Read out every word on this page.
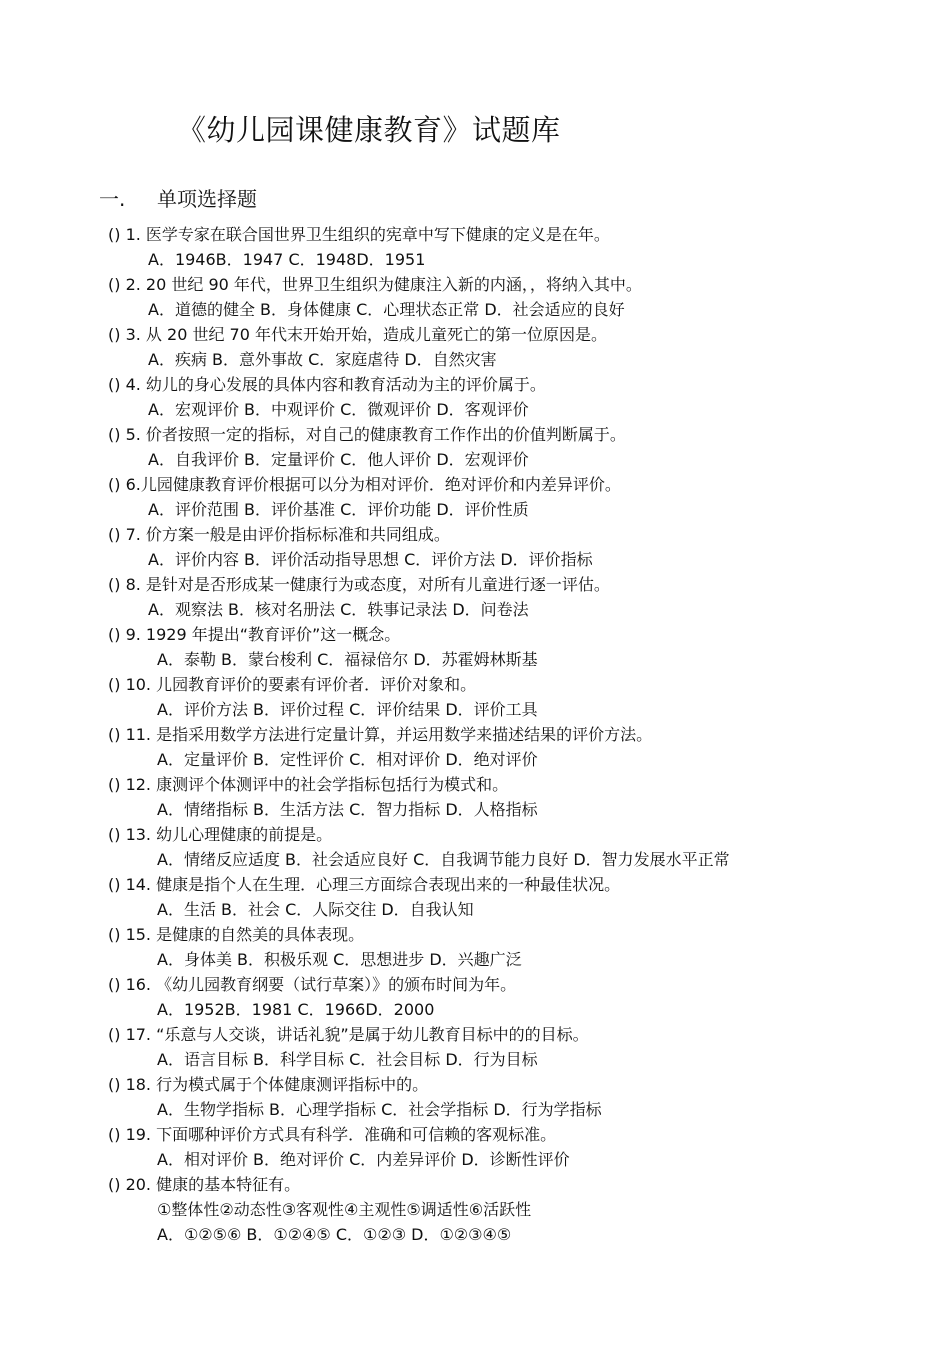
《幼儿园课健康教育》试题库
一. 单项选择题
() 1. 医学专家在联合国世界卫生组织的宪章中写下健康的定义是在年。
A．1946B．1947 C．1948D．1951
() 2. 20 世纪 90 年代，世界卫生组织为健康注入新的内涵，，将纳入其中。
A．道德的健全 B．身体健康 C．心理状态正常 D．社会适应的良好
() 3. 从 20 世纪 70 年代末开始开始，造成儿童死亡的第一位原因是。
A．疾病 B．意外事故 C．家庭虐待 D．自然灾害
() 4. 幼儿的身心发展的具体内容和教育活动为主的评价属于。
A．宏观评价 B．中观评价 C．微观评价 D．客观评价
() 5. 价者按照一定的指标，对自己的健康教育工作作出的价值判断属于。
A．自我评价 B．定量评价 C．他人评价 D．宏观评价
() 6.儿园健康教育评价根据可以分为相对评价．绝对评价和内差异评价。
A．评价范围 B．评价基准 C．评价功能 D．评价性质
() 7. 价方案一般是由评价指标标准和共同组成。
A．评价内容 B．评价活动指导思想 C．评价方法 D．评价指标
() 8. 是针对是否形成某一健康行为或态度，对所有儿童进行逐一评估。
A．观察法 B．核对名册法 C．轶事记录法 D．问卷法
() 9. 1929 年提出“教育评价”这一概念。
A．泰勒 B．蒙台梭利 C．福禄倍尔 D．苏霍姆林斯基
() 10. 儿园教育评价的要素有评价者．评价对象和。
A．评价方法 B．评价过程 C．评价结果 D．评价工具
() 11. 是指采用数学方法进行定量计算，并运用数学来描述结果的评价方法。
A．定量评价 B．定性评价 C．相对评价 D．绝对评价
() 12. 康测评个体测评中的社会学指标包括行为模式和。
A．情绪指标 B．生活方法 C．智力指标 D．人格指标
() 13. 幼儿心理健康的前提是。
A．情绪反应适度 B．社会适应良好 C．自我调节能力良好 D．智力发展水平正常
() 14. 健康是指个人在生理．心理三方面综合表现出来的一种最佳状况。
A．生活 B．社会 C．人际交往 D．自我认知
() 15. 是健康的自然美的具体表现。
A．身体美 B．积极乐观 C．思想进步 D．兴趣广泛
() 16. 《幼儿园教育纲要（试行草案）》的颁布时间为年。
A．1952B．1981 C．1966D．2000
() 17. “乐意与人交谈，讲话礼貌”是属于幼儿教育目标中的的目标。
A．语言目标 B．科学目标 C．社会目标 D．行为目标
() 18. 行为模式属于个体健康测评指标中的。
A．生物学指标 B．心理学指标 C．社会学指标 D．行为学指标
() 19. 下面哪种评价方式具有科学．准确和可信赖的客观标准。
A．相对评价 B．绝对评价 C．内差异评价 D．诊断性评价
() 20. 健康的基本特征有。
①整体性②动态性③客观性④主观性⑤调适性⑥活跃性
A．①②⑤⑥ B．①②④⑤ C．①②③ D．①②③④⑤
